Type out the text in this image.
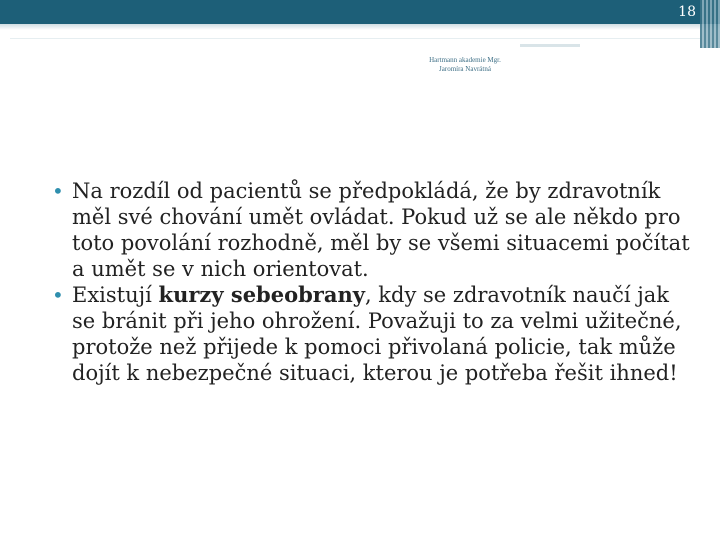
18
Hartmann akademie Mgr.
Jaromíra Navrátná

• Na rozdíl od pacientů se předpokládá, že by zdravotník měl své chování umět ovládat. Pokud už se ale někdo pro toto povolání rozhodně, měl by se všemi situacemi počítat a umět se v nich orientovat.

• Existují kurzy sebeobrany, kdy se zdravotník naučí jak se bránit při jeho ohrožení. Považuji to za velmi užitečné, protože než přijede k pomoci přivolaná policie, tak může dojít k nebezpečné situaci, kterou je potřeba řešit ihned!
